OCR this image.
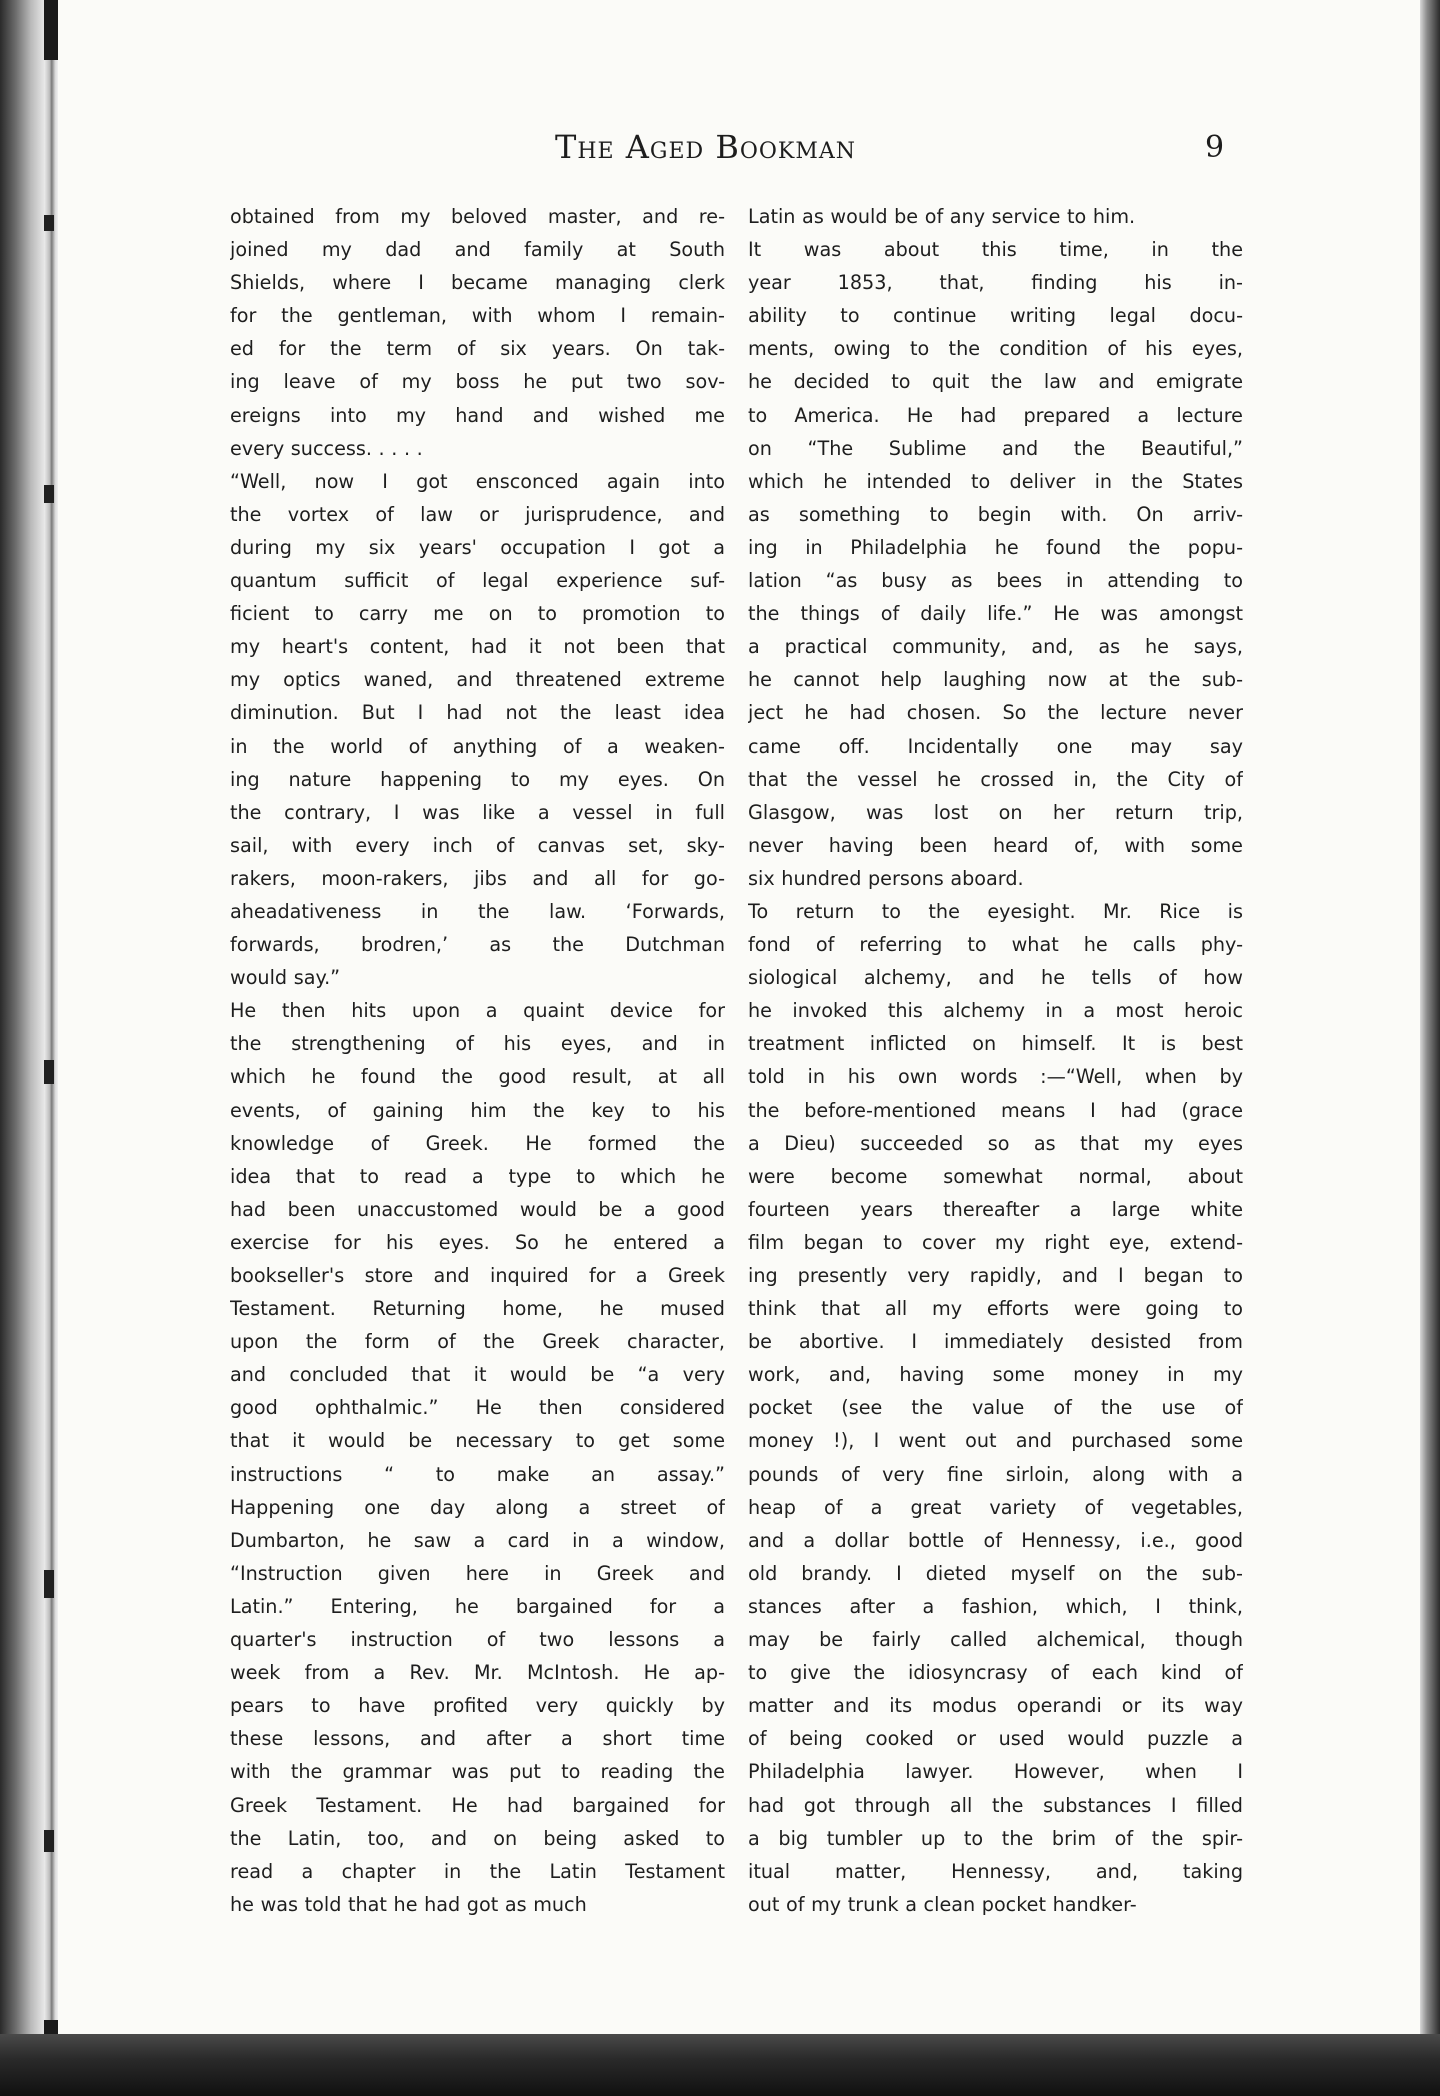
The Aged Bookman	9
obtained from my beloved master, and re-
joined my dad and family at South
Shields, where I became managing clerk
for the gentleman, with whom I remain-
ed for the term of six years. On tak-
ing leave of my boss he put two sov-
ereigns into my hand and wished me
every success. . . . .
“Well, now I got ensconced again into
the vortex of law or jurisprudence, and
during my six years' occupation I got a
quantum sufficit of legal experience suf-
ficient to carry me on to promotion to
my heart's content, had it not been that
my optics waned, and threatened extreme
diminution. But I had not the least idea
in the world of anything of a weaken-
ing nature happening to my eyes. On
the contrary, I was like a vessel in full
sail, with every inch of canvas set, sky-
rakers, moon-rakers, jibs and all for go-
aheadativeness in the law. ‘Forwards,
forwards, brodren,’ as the Dutchman
would say.”
He then hits upon a quaint device for
the strengthening of his eyes, and in
which he found the good result, at all
events, of gaining him the key to his
knowledge of Greek. He formed the
idea that to read a type to which he
had been unaccustomed would be a good
exercise for his eyes. So he entered a
bookseller's store and inquired for a Greek
Testament. Returning home, he mused
upon the form of the Greek character,
and concluded that it would be “a very
good ophthalmic.” He then considered
that it would be necessary to get some
instructions “ to make an assay.”
Happening one day along a street of
Dumbarton, he saw a card in a window,
“Instruction given here in Greek and
Latin.” Entering, he bargained for a
quarter's instruction of two lessons a
week from a Rev. Mr. McIntosh. He ap-
pears to have profited very quickly by
these lessons, and after a short time
with the grammar was put to reading the
Greek Testament. He had bargained for
the Latin, too, and on being asked to
read a chapter in the Latin Testament
he was told that he had got as much
Latin as would be of any service to him.
It was about this time, in the
year 1853, that, finding his in-
ability to continue writing legal docu-
ments, owing to the condition of his eyes,
he decided to quit the law and emigrate
to America. He had prepared a lecture
on “The Sublime and the Beautiful,”
which he intended to deliver in the States
as something to begin with. On arriv-
ing in Philadelphia he found the popu-
lation “as busy as bees in attending to
the things of daily life.” He was amongst
a practical community, and, as he says,
he cannot help laughing now at the sub-
ject he had chosen. So the lecture never
came off. Incidentally one may say
that the vessel he crossed in, the City of
Glasgow, was lost on her return trip,
never having been heard of, with some
six hundred persons aboard.
To return to the eyesight. Mr. Rice is
fond of referring to what he calls phy-
siological alchemy, and he tells of how
he invoked this alchemy in a most heroic
treatment inflicted on himself. It is best
told in his own words :—“Well, when by
the before-mentioned means I had (grace
a Dieu) succeeded so as that my eyes
were become somewhat normal, about
fourteen years thereafter a large white
film began to cover my right eye, extend-
ing presently very rapidly, and I began to
think that all my efforts were going to
be abortive. I immediately desisted from
work, and, having some money in my
pocket (see the value of the use of
money !), I went out and purchased some
pounds of very fine sirloin, along with a
heap of a great variety of vegetables,
and a dollar bottle of Hennessy, i.e., good
old brandy. I dieted myself on the sub-
stances after a fashion, which, I think,
may be fairly called alchemical, though
to give the idiosyncrasy of each kind of
matter and its modus operandi or its way
of being cooked or used would puzzle a
Philadelphia lawyer. However, when I
had got through all the substances I filled
a big tumbler up to the brim of the spir-
itual matter, Hennessy, and, taking
out of my trunk a clean pocket handker-
